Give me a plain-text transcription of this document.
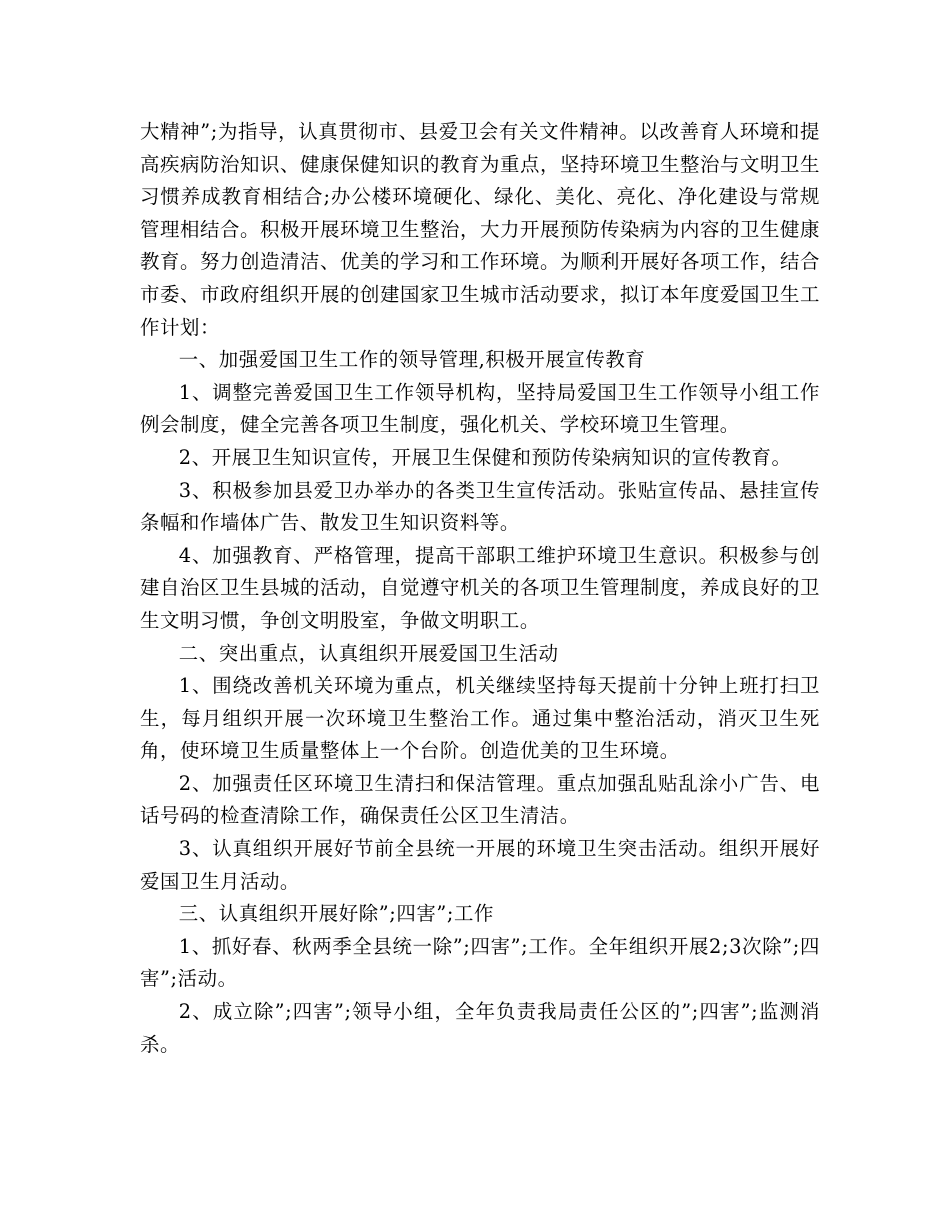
大精神”;为指导，认真贯彻市、县爱卫会有关文件精神。以改善育人环境和提高疾病防治知识、健康保健知识的教育为重点，坚持环境卫生整治与文明卫生习惯养成教育相结合;办公楼环境硬化、绿化、美化、亮化、净化建设与常规管理相结合。积极开展环境卫生整治，大力开展预防传染病为内容的卫生健康教育。努力创造清洁、优美的学习和工作环境。为顺利开展好各项工作，结合市委、市政府组织开展的创建国家卫生城市活动要求，拟订本年度爱国卫生工作计划：

一、加强爱国卫生工作的领导管理,积极开展宣传教育

1、调整完善爱国卫生工作领导机构，坚持局爱国卫生工作领导小组工作例会制度，健全完善各项卫生制度，强化机关、学校环境卫生管理。

2、开展卫生知识宣传，开展卫生保健和预防传染病知识的宣传教育。

3、积极参加县爱卫办举办的各类卫生宣传活动。张贴宣传品、悬挂宣传条幅和作墙体广告、散发卫生知识资料等。

4、加强教育、严格管理，提高干部职工维护环境卫生意识。积极参与创建自治区卫生县城的活动，自觉遵守机关的各项卫生管理制度，养成良好的卫生文明习惯，争创文明股室，争做文明职工。

二、突出重点，认真组织开展爱国卫生活动

1、围绕改善机关环境为重点，机关继续坚持每天提前十分钟上班打扫卫生，每月组织开展一次环境卫生整治工作。通过集中整治活动，消灭卫生死角，使环境卫生质量整体上一个台阶。创造优美的卫生环境。

2、加强责任区环境卫生清扫和保洁管理。重点加强乱贴乱涂小广告、电话号码的检查清除工作，确保责任公区卫生清洁。

3、认真组织开展好节前全县统一开展的环境卫生突击活动。组织开展好爱国卫生月活动。

三、认真组织开展好除”;四害”;工作

1、抓好春、秋两季全县统一除”;四害”;工作。全年组织开展2;3次除”;四害”;活动。

2、成立除”;四害”;领导小组，全年负责我局责任公区的”;四害”;监测消杀。
